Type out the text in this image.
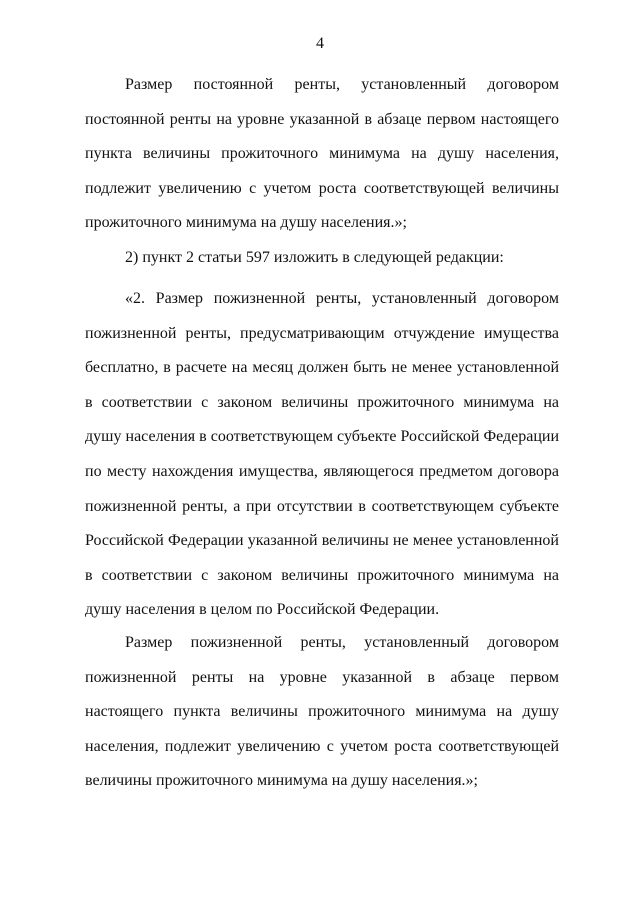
4

Размер постоянной ренты, установленный договором постоянной ренты на уровне указанной в абзаце первом настоящего пункта величины прожиточного минимума на душу населения, подлежит увеличению с учетом роста соответствующей величины прожиточного минимума на душу населения.»;

2) пункт 2 статьи 597 изложить в следующей редакции:

«2. Размер пожизненной ренты, установленный договором пожизненной ренты, предусматривающим отчуждение имущества бесплатно, в расчете на месяц должен быть не менее установленной в соответствии с законом величины прожиточного минимума на душу населения в соответствующем субъекте Российской Федерации по месту нахождения имущества, являющегося предметом договора пожизненной ренты, а при отсутствии в соответствующем субъекте Российской Федерации указанной величины не менее установленной в соответствии с законом величины прожиточного минимума на душу населения в целом по Российской Федерации.

Размер пожизненной ренты, установленный договором пожизненной ренты на уровне указанной в абзаце первом настоящего пункта величины прожиточного минимума на душу населения, подлежит увеличению с учетом роста соответствующей величины прожиточного минимума на душу населения.»;
